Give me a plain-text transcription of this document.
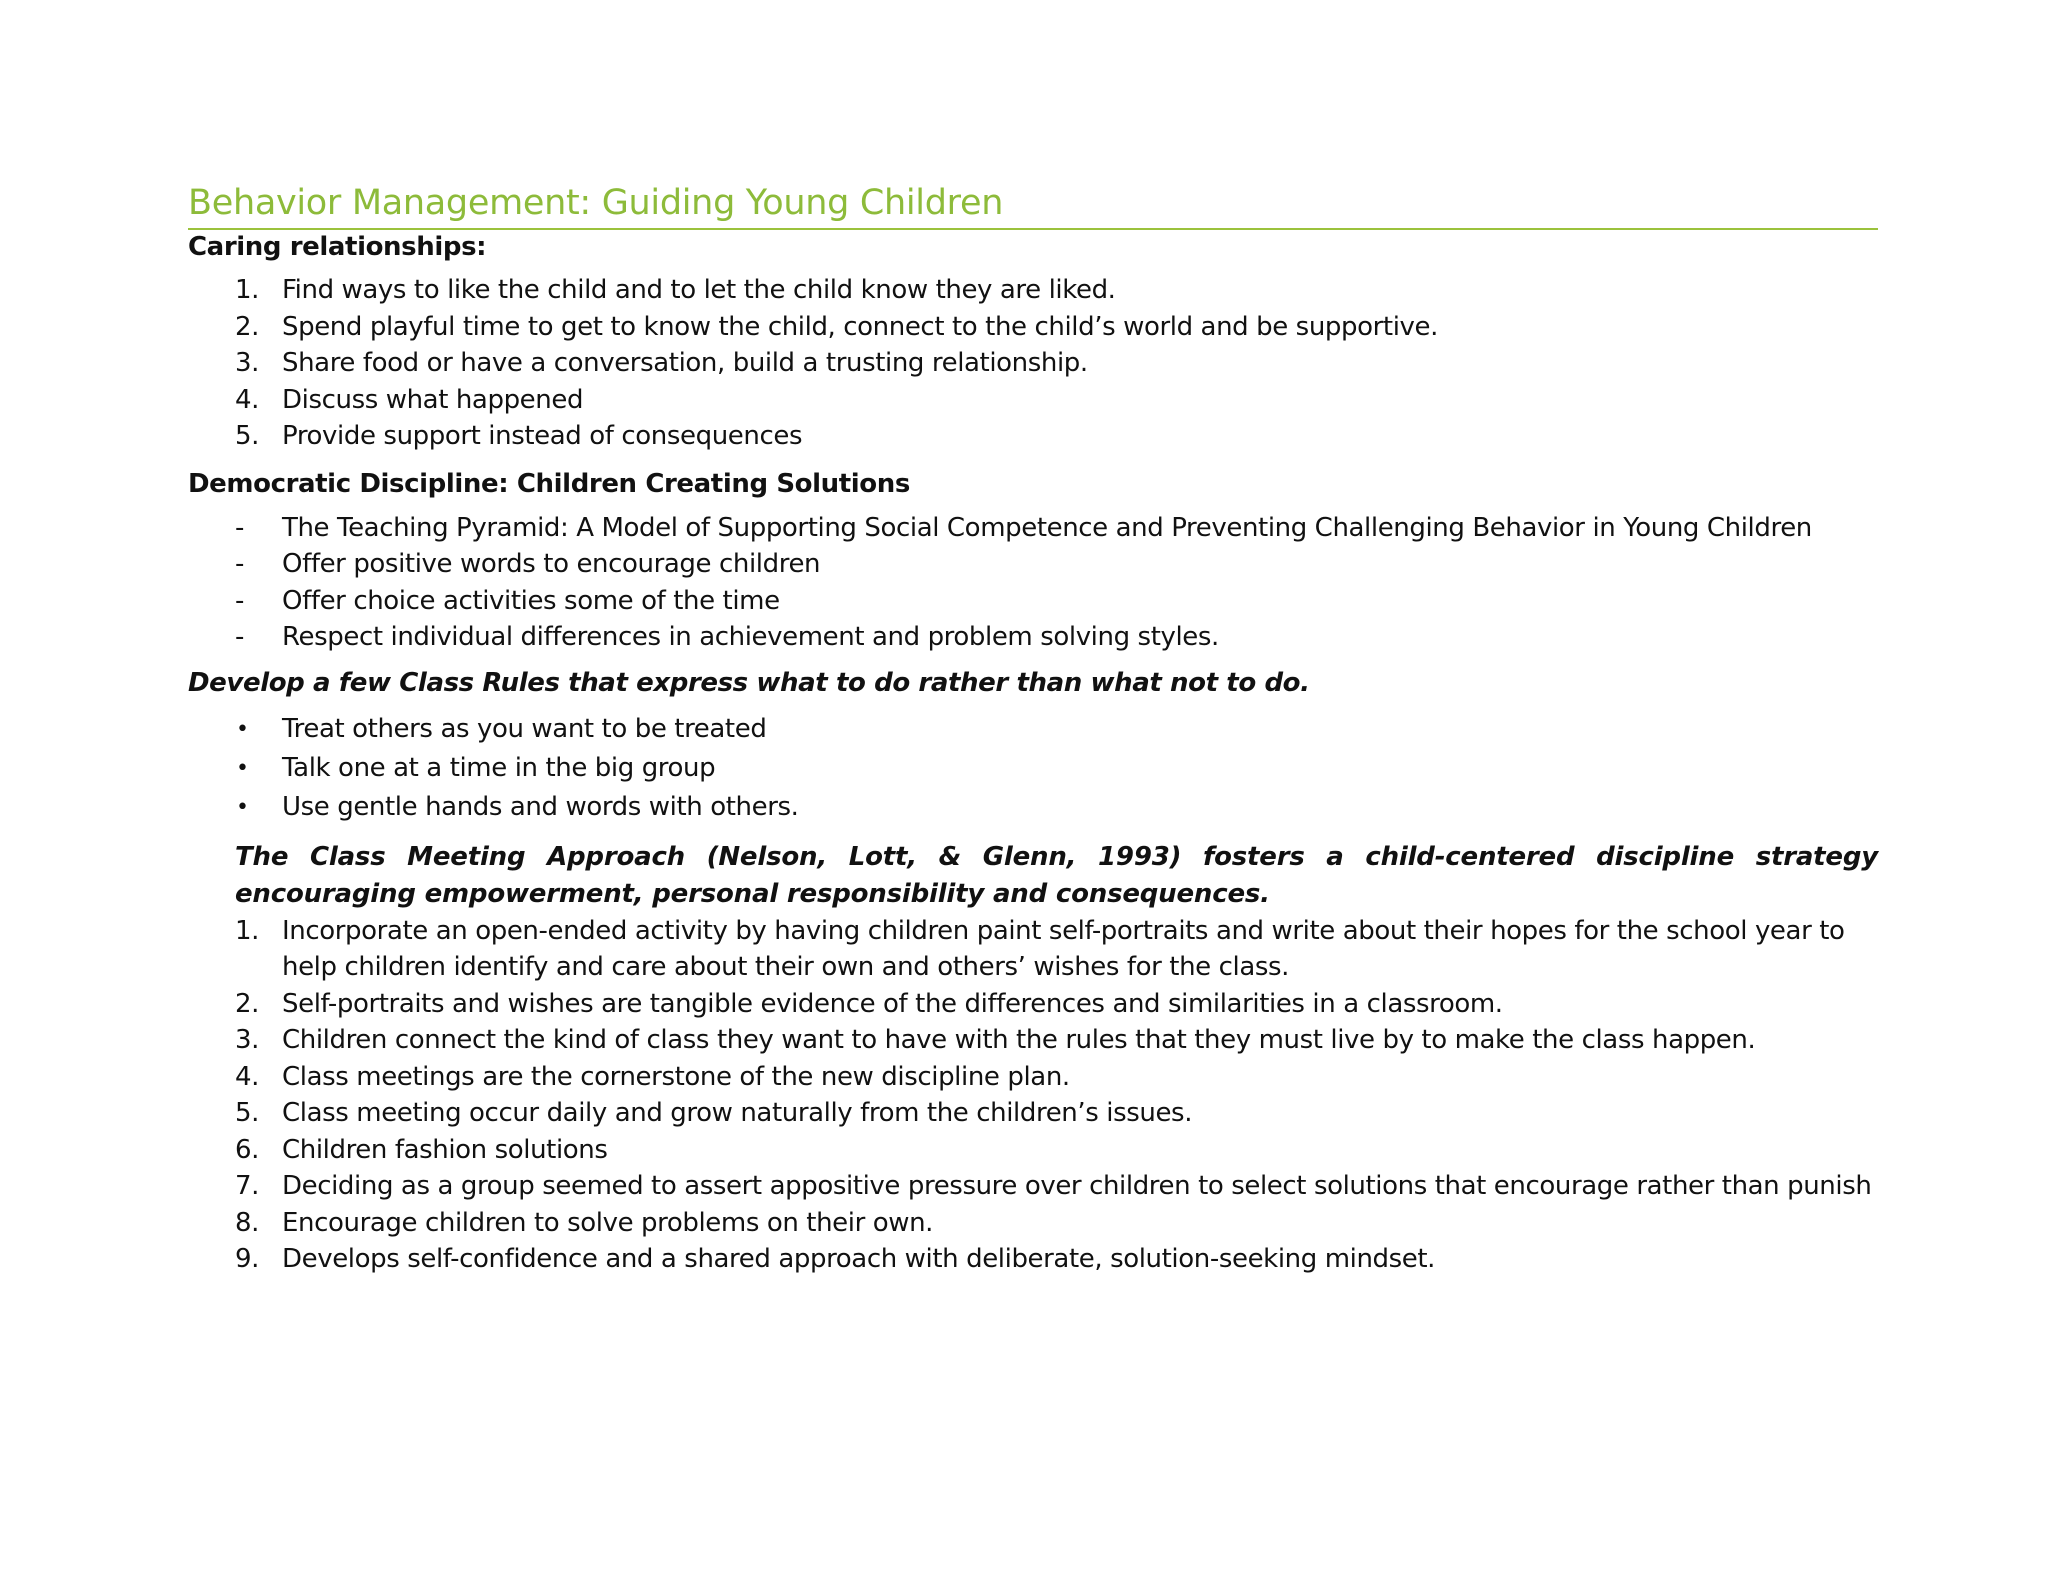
Behavior Management: Guiding Young Children

Caring relationships:

1. Find ways to like the child and to let the child know they are liked.
2. Spend playful time to get to know the child, connect to the child’s world and be supportive.
3. Share food or have a conversation, build a trusting relationship.
4. Discuss what happened
5. Provide support instead of consequences

Democratic Discipline: Children Creating Solutions

- The Teaching Pyramid: A Model of Supporting Social Competence and Preventing Challenging Behavior in Young Children
- Offer positive words to encourage children
- Offer choice activities some of the time
- Respect individual differences in achievement and problem solving styles.

Develop a few Class Rules that express what to do rather than what not to do.

• Treat others as you want to be treated
• Talk one at a time in the big group
• Use gentle hands and words with others.

The Class Meeting Approach (Nelson, Lott, & Glenn, 1993) fosters a child-centered discipline strategy encouraging empowerment, personal responsibility and consequences.

1. Incorporate an open-ended activity by having children paint self-portraits and write about their hopes for the school year to help children identify and care about their own and others’ wishes for the class.
2. Self-portraits and wishes are tangible evidence of the differences and similarities in a classroom.
3. Children connect the kind of class they want to have with the rules that they must live by to make the class happen.
4. Class meetings are the cornerstone of the new discipline plan.
5. Class meeting occur daily and grow naturally from the children’s issues.
6. Children fashion solutions
7. Deciding as a group seemed to assert appositive pressure over children to select solutions that encourage rather than punish
8. Encourage children to solve problems on their own.
9. Develops self-confidence and a shared approach with deliberate, solution-seeking mindset.
